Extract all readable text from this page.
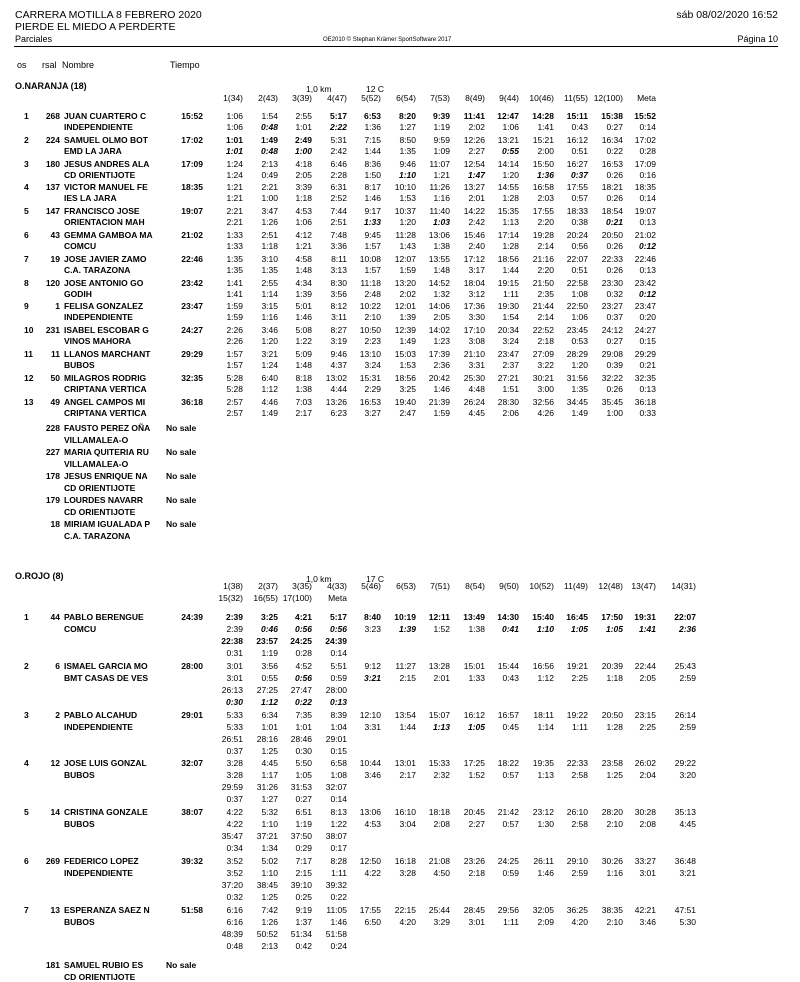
CARRERA MOTILLA 8 FEBRERO 2020
PIERDE EL MIEDO A PERDERTE
Parciales	OE2010 © Stephan Krämer SportSoftware 2017
sáb 08/02/2020 16:52
Página 10
os rsal Nombre	Tiempo
O.NARANJA (18)	1,0 km	12 C
1(34) 2(43) 3(39) 4(47) 5(52) 6(54) 7(53) 8(49) 9(44) 10(46) 11(55) 12(100) Meta
1 268 JUAN CUARTERO C	15:52	1:06 1:54 2:55 5:17 6:53 8:20 9:39 11:41 12:47 14:28 15:11 15:38 15:52
INDEPENDIENTE	1:06 0:48 1:01 2:22 1:36 1:27 1:19 2:02 1:06 1:41 0:43 0:27 0:14
2 224 SAMUEL OLMO BOT	17:02	1:01 1:49 2:49 5:31 7:15 8:50 9:59 12:26 13:21 15:21 16:12 16:34 17:02
EMD LA JARA	1:01 0:48 1:00 2:42 1:44 1:35 1:09 2:27 0:55 2:00 0:51 0:22 0:28
3 180 JESUS ANDRES ALA	17:09	1:24 2:13 4:18 6:46 8:36 9:46 11:07 12:54 14:14 15:50 16:27 16:53 17:09
CD ORIENTIJOTE	1:24 0:49 2:05 2:28 1:50 1:10 1:21 1:47 1:20 1:36 0:37 0:26 0:16
4 137 VICTOR MANUEL FE	18:35	1:21 2:21 3:39 6:31 8:17 10:10 11:26 13:27 14:55 16:58 17:55 18:21 18:35
IES LA JARA	1:21 1:00 1:18 2:52 1:46 1:53 1:16 2:01 1:28 2:03 0:57 0:26 0:14
5 147 FRANCISCO JOSE	19:07	2:21 3:47 4:53 7:44 9:17 10:37 11:40 14:22 15:35 17:55 18:33 18:54 19:07
ORIENTACION MAH	2:21 1:26 1:06 2:51 1:33 1:20 1:03 2:42 1:13 2:20 0:38 0:21 0:13
6	43 GEMMA GAMBOA MA	21:02	1:33 2:51 4:12 7:48 9:45 11:28 13:06 15:46 17:14 19:28 20:24 20:50 21:02
COMCU	1:33 1:18 1:21 3:36 1:57 1:43 1:38 2:40 1:28 2:14 0:56 0:26 0:12
7	19 JOSE JAVIER ZAMO	22:46	1:35 3:10 4:58 8:11 10:08 12:07 13:55 17:12 18:56 21:16 22:07 22:33 22:46
C.A. TARAZONA	1:35 1:35 1:48 3:13 1:57 1:59 1:48 3:17 1:44 2:20 0:51 0:26 0:13
8 120 JOSE ANTONIO GO	23:42	1:41 2:55 4:34 8:30 11:18 13:20 14:52 18:04 19:15 21:50 22:58 23:30 23:42
GODIH	1:41 1:14 1:39 3:56 2:48 2:02 1:32 3:12 1:11 2:35 1:08 0:32 0:12
9	1 FELISA GONZALEZ	23:47	1:59 3:15 5:01 8:12 10:22 12:01 14:06 17:36 19:30 21:44 22:50 23:27 23:47
INDEPENDIENTE	1:59 1:16 1:46 3:11 2:10 1:39 2:05 3:30 1:54 2:14 1:06 0:37 0:20
10 231 ISABEL ESCOBAR G	24:27	2:26 3:46 5:08 8:27 10:50 12:39 14:02 17:10 20:34 22:52 23:45 24:12 24:27
VINOS MAHORA	2:26 1:20 1:22 3:19 2:23 1:49 1:23 3:08 3:24 2:18 0:53 0:27 0:15
11 11 LLANOS MARCHANT	29:29	1:57 3:21 5:09 9:46 13:10 15:03 17:39 21:10 23:47 27:09 28:29 29:08 29:29
BUBOS	1:57 1:24 1:48 4:37 3:24 1:53 2:36 3:31 2:37 3:22 1:20 0:39 0:21
12 50 MILAGROS RODRIG	32:35	5:28 6:40 8:18 13:02 15:31 18:56 20:42 25:30 27:21 30:21 31:56 32:22 32:35
CRIPTANA VERTICA	5:28 1:12 1:38 4:44 2:29 3:25 1:46 4:48 1:51 3:00 1:35 0:26 0:13
13 49 ANGEL CAMPOS MI	36:18	2:57 4:46 7:03 13:26 16:53 19:40 21:39 26:24 28:30 32:56 34:45 35:45 36:18
CRIPTANA VERTICA	2:57 1:49 2:17 6:23 3:27 2:47 1:59 4:45 2:06 4:26 1:49 1:00 0:33
228 FAUSTO PEREZ OÑA No sale
VILLAMALEA-O
227 MARIA QUITERIA RU No sale
VILLAMALEA-O
178 JESUS ENRIQUE NA No sale
CD ORIENTIJOTE
179 LOURDES NAVARR	No sale
CD ORIENTIJOTE
18 MIRIAM IGUALADA P No sale
C.A. TARAZONA
O.ROJO (8)	1,0 km	17 C
1(38) 2(37) 3(35) 4(33) 5(46) 6(53) 7(51) 8(54) 9(50) 10(52) 11(49) 12(48) 13(47) 14(31)
15(32) 16(55) 17(100) Meta
1	44 PABLO BERENGUE	24:39	2:39 3:25 4:21 5:17 8:40 10:19 12:11 13:49 14:30 15:40 16:45 17:50 19:31 22:07
COMCU	2:39 0:46 0:56 0:56 3:23 1:39 1:52 1:38 0:41 1:10 1:05 1:05 1:41	2:36
22:38 23:57 24:25 24:39
0:31 1:19 0:28 0:14
2	6 ISMAEL GARCIA MO	28:00	3:01 3:56 4:52 5:51 9:12 11:27 13:28 15:01 15:44 16:56 19:21 20:39 22:44 25:43
BMT CASAS DE VES	3:01 0:55 0:56 0:59 3:21 2:15 2:01 1:33 0:43 1:12 2:25 1:18 2:05	2:59
26:13 27:25 27:47 28:00
0:30 1:12 0:22 0:13
3	2 PABLO ALCAHUD	29:01	5:33 6:34 7:35 8:39 12:10 13:54 15:07 16:12 16:57 18:11 19:22 20:50 23:15 26:14
INDEPENDIENTE	5:33 1:01 1:01 1:04 3:31 1:44 1:13 1:05 0:45 1:14 1:11 1:28 2:25	2:59
26:51 28:16 28:46 29:01
0:37 1:25 0:30 0:15
4	12 JOSE LUIS GONZAL	32:07	3:28 4:45 5:50 6:58 10:44 13:01 15:33 17:25 18:22 19:35 22:33 23:58 26:02 29:22
BUBOS	3:28 1:17 1:05 1:08 3:46 2:17 2:32 1:52 0:57 1:13 2:58 1:25 2:04	3:20
29:59 31:26 31:53 32:07
0:37 1:27 0:27 0:14
5	14 CRISTINA GONZALE	38:07	4:22 5:32 6:51 8:13 13:06 16:10 18:18 20:45 21:42 23:12 26:10 28:20 30:28 35:13
BUBOS	4:22 1:10 1:19 1:22 4:53 3:04 2:08 2:27 0:57 1:30 2:58 2:10 2:08	4:45
35:47 37:21 37:50 38:07
0:34 1:34 0:29 0:17
6 269 FEDERICO LOPEZ	39:32	3:52 5:02 7:17 8:28 12:50 16:18 21:08 23:26 24:25 26:11 29:10 30:26 33:27 36:48
INDEPENDIENTE	3:52 1:10 2:15 1:11 4:22 3:28 4:50 2:18 0:59 1:46 2:59 1:16 3:01	3:21
37:20 38:45 39:10 39:32
0:32 1:25 0:25 0:22
7	13 ESPERANZA SAEZ N	51:58	6:16 7:42 9:19 11:05 17:55 22:15 25:44 28:45 29:56 32:05 36:25 38:35 42:21 47:51
BUBOS	6:16 1:26 1:37 1:46 6:50 4:20 3:29 3:01 1:11 2:09 4:20 2:10 3:46	5:30
48:39 50:52 51:34 51:58
0:48 2:13 0:42 0:24
181 SAMUEL RUBIO ES	No sale
CD ORIENTIJOTE
